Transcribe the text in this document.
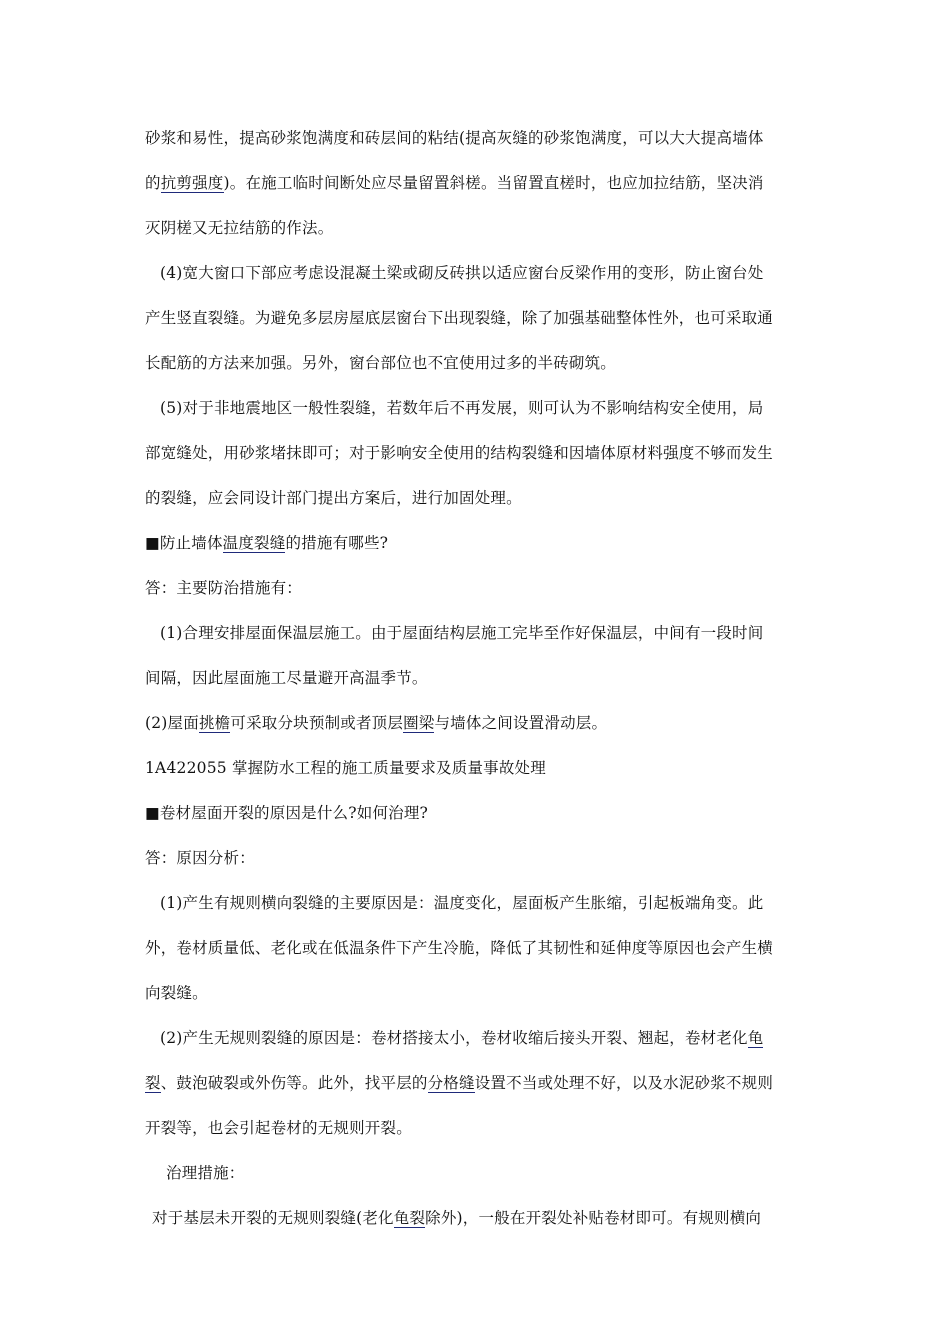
砂浆和易性，提高砂浆饱满度和砖层间的粘结(提高灰缝的砂浆饱满度，可以大大提高墙体
的抗剪强度)。在施工临时间断处应尽量留置斜槎。当留置直槎时，也应加拉结筋，坚决消
灭阴槎又无拉结筋的作法。
(4)宽大窗口下部应考虑设混凝土梁或砌反砖拱以适应窗台反梁作用的变形，防止窗台处
产生竖直裂缝。为避免多层房屋底层窗台下出现裂缝，除了加强基础整体性外，也可采取通
长配筋的方法来加强。另外，窗台部位也不宜使用过多的半砖砌筑。
(5)对于非地震地区一般性裂缝，若数年后不再发展，则可认为不影响结构安全使用，局
部宽缝处，用砂浆堵抹即可；对于影响安全使用的结构裂缝和因墙体原材料强度不够而发生
的裂缝，应会同设计部门提出方案后，进行加固处理。
■防止墙体温度裂缝的措施有哪些?
答：主要防治措施有：
(1)合理安排屋面保温层施工。由于屋面结构层施工完毕至作好保温层，中间有一段时间
间隔，因此屋面施工尽量避开高温季节。
(2)屋面挑檐可采取分块预制或者顶层圈梁与墙体之间设置滑动层。
1A422055 掌握防水工程的施工质量要求及质量事故处理
■卷材屋面开裂的原因是什么?如何治理?
答：原因分析：
(1)产生有规则横向裂缝的主要原因是：温度变化，屋面板产生胀缩，引起板端角变。此
外，卷材质量低、老化或在低温条件下产生冷脆，降低了其韧性和延伸度等原因也会产生横
向裂缝。
(2)产生无规则裂缝的原因是：卷材搭接太小，卷材收缩后接头开裂、翘起，卷材老化龟
裂、鼓泡破裂或外伤等。此外，找平层的分格缝设置不当或处理不好，以及水泥砂浆不规则
开裂等，也会引起卷材的无规则开裂。
治理措施：
对于基层未开裂的无规则裂缝(老化龟裂除外)，一般在开裂处补贴卷材即可。有规则横向
